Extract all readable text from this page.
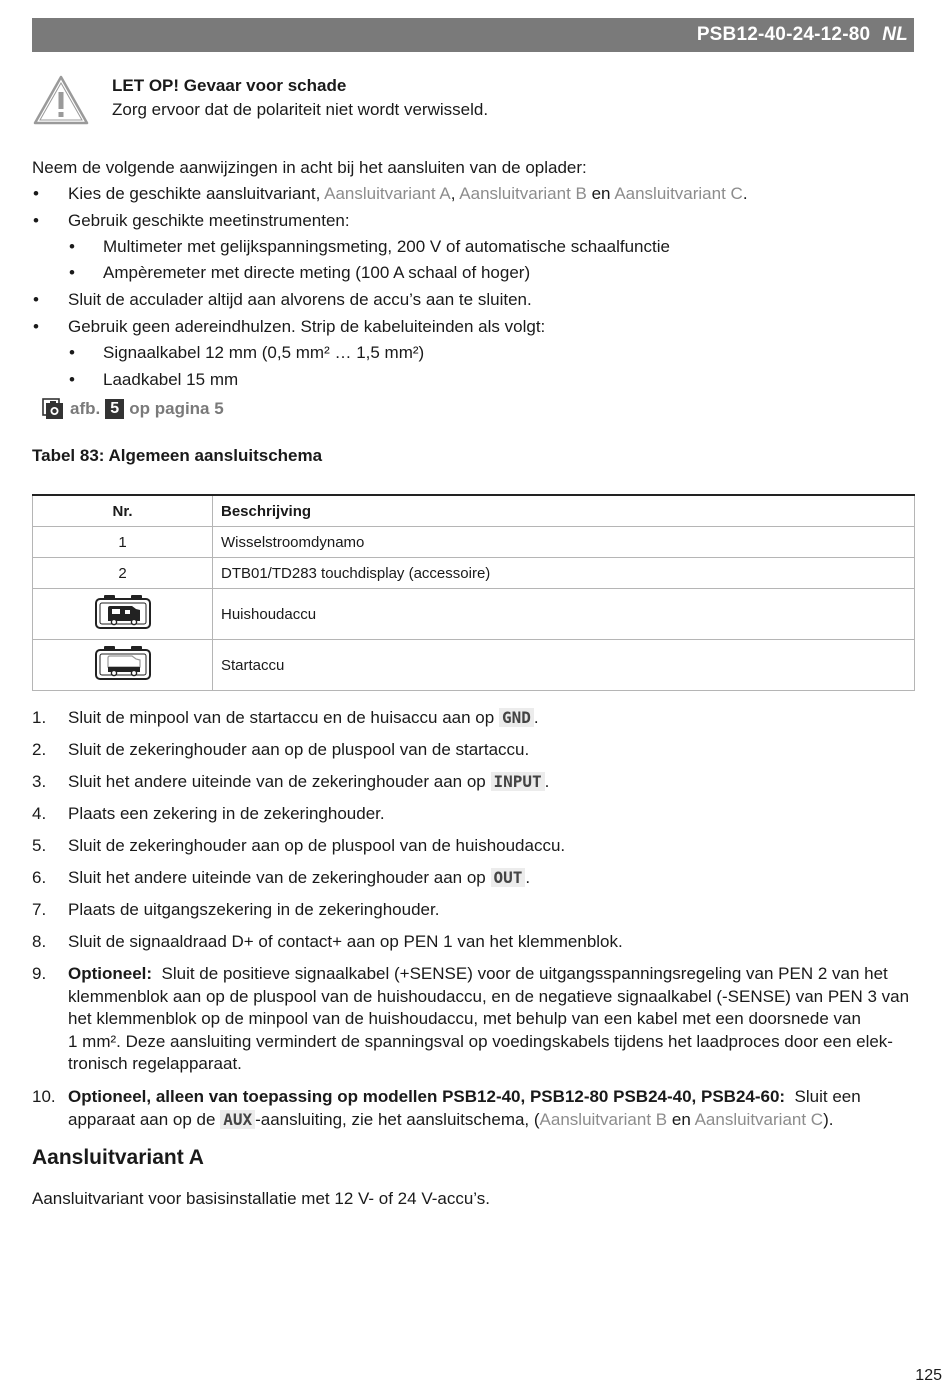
PSB12-40-24-12-80 NL
LET OP! Gevaar voor schade
Zorg ervoor dat de polariteit niet wordt verwisseld.
Neem de volgende aanwijzingen in acht bij het aansluiten van de oplader:
• Kies de geschikte aansluitvariant, Aansluitvariant A, Aansluitvariant B en Aansluitvariant C.
• Gebruik geschikte meetinstrumenten:
• Multimeter met gelijkspanningsmeting, 200 V of automatische schaalfunctie
• Ampèremeter met directe meting (100 A schaal of hoger)
• Sluit de acculader altijd aan alvorens de accu’s aan te sluiten.
• Gebruik geen adereindhulzen. Strip de kabeluiteinden als volgt:
• Signaalkabel 12 mm (0,5 mm² … 1,5 mm²)
• Laadkabel 15 mm
afb. 5 op pagina 5
Tabel 83: Algemeen aansluitschema
Nr.	Beschrijving
1	Wisselstroomdynamo
2	DTB01/TD283 touchdisplay (accessoire)
	Huishoudaccu
	Startaccu
1. Sluit de minpool van de startaccu en de huisaccu aan op GND .
2. Sluit de zekeringhouder aan op de pluspool van de startaccu.
3. Sluit het andere uiteinde van de zekeringhouder aan op INPUT .
4. Plaats een zekering in de zekeringhouder.
5. Sluit de zekeringhouder aan op de pluspool van de huishoudaccu.
6. Sluit het andere uiteinde van de zekeringhouder aan op OUT .
7. Plaats de uitgangszekering in de zekeringhouder.
8. Sluit de signaaldraad D+ of contact+ aan op PEN 1 van het klemmenblok.
9. Optioneel: Sluit de positieve signaalkabel (+SENSE) voor de uitgangsspanningsregeling van PEN 2 van het
klemmenblok aan op de pluspool van de huishoudaccu, en de negatieve signaalkabel (-SENSE) van PEN 3 van
het klemmenblok op de minpool van de huishoudaccu, met behulp van een kabel met een doorsnede van
1 mm². Deze aansluiting vermindert de spanningsval op voedingskabels tijdens het laadproces door een elek-
tronisch regelapparaat.
10. Optioneel, alleen van toepassing op modellen PSB12-40, PSB12-80 PSB24-40, PSB24-60: Sluit een
apparaat aan op de AUX -aansluiting, zie het aansluitschema, (Aansluitvariant B en Aansluitvariant C).
Aansluitvariant A
Aansluitvariant voor basisinstallatie met 12 V- of 24 V-accu’s.
125
